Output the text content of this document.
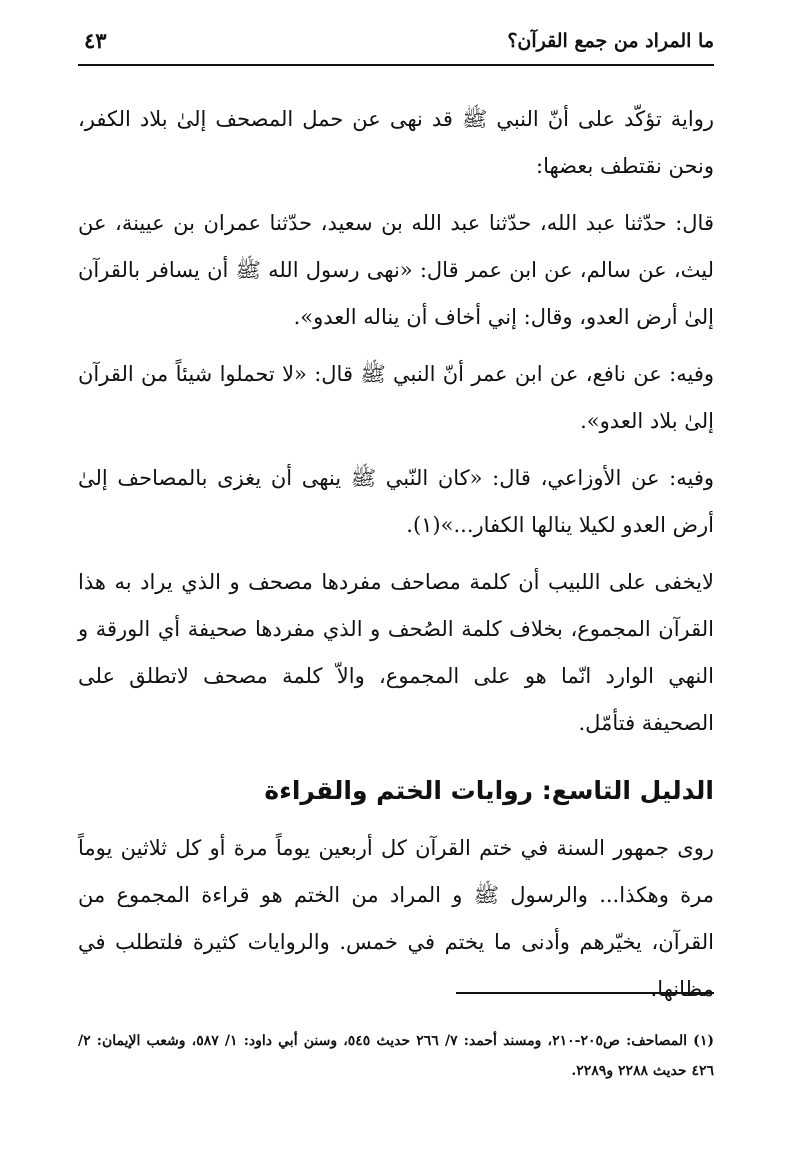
ما المراد من جمع القرآن؟
٤٣

رواية تؤكّد على أنّ النبي ﷺ قد نهى عن حمل المصحف إلىٰ بلاد الكفر، ونحن نقتطف بعضها:

قال: حدّثنا عبد الله، حدّثنا عبد الله بن سعيد، حدّثنا عمران بن عيينة، عن ليث، عن سالم، عن ابن عمر قال: «نهى رسول الله ﷺ أن يسافر بالقرآن إلىٰ أرض العدو، وقال: إني أخاف أن يناله العدو».

وفيه: عن نافع، عن ابن عمر أنّ النبي ﷺ قال: «لا تحملوا شيئاً من القرآن إلىٰ بلاد العدو».

وفيه: عن الأوزاعي، قال: «كان النّبي ﷺ ينهى أن يغزى بالمصاحف إلىٰ أرض العدو لكيلا ينالها الكفار...»(١).

لايخفى على اللبيب أن كلمة مصاحف مفردها مصحف و الذي يراد به هذا القرآن المجموع، بخلاف كلمة الصُحف و الذي مفردها صحيفة أي الورقة و النهي الوارد انّما هو على المجموع، والاّ كلمة مصحف لاتطلق على الصحيفة فتأمّل.

الدليل التاسع: روايات الختم والقراءة

روى جمهور السنة في ختم القرآن كل أربعين يوماً مرة أو كل ثلاثين يوماً مرة وهكذا... والرسول ﷺ و المراد من الختم هو قراءة المجموع من القرآن، يخيّرهم وأدنى ما يختم في خمس. والروايات كثيرة فلتطلب في مظانها.

(١) المصاحف: ص٢٠٥-٢١٠، ومسند أحمد: ٧/ ٢٦٦ حديث ٥٤٥، وسنن أبي داود: ١/ ٥٨٧، وشعب الإيمان: ٢/ ٤٢٦ حديث ٢٢٨٨ و٢٢٨٩.
